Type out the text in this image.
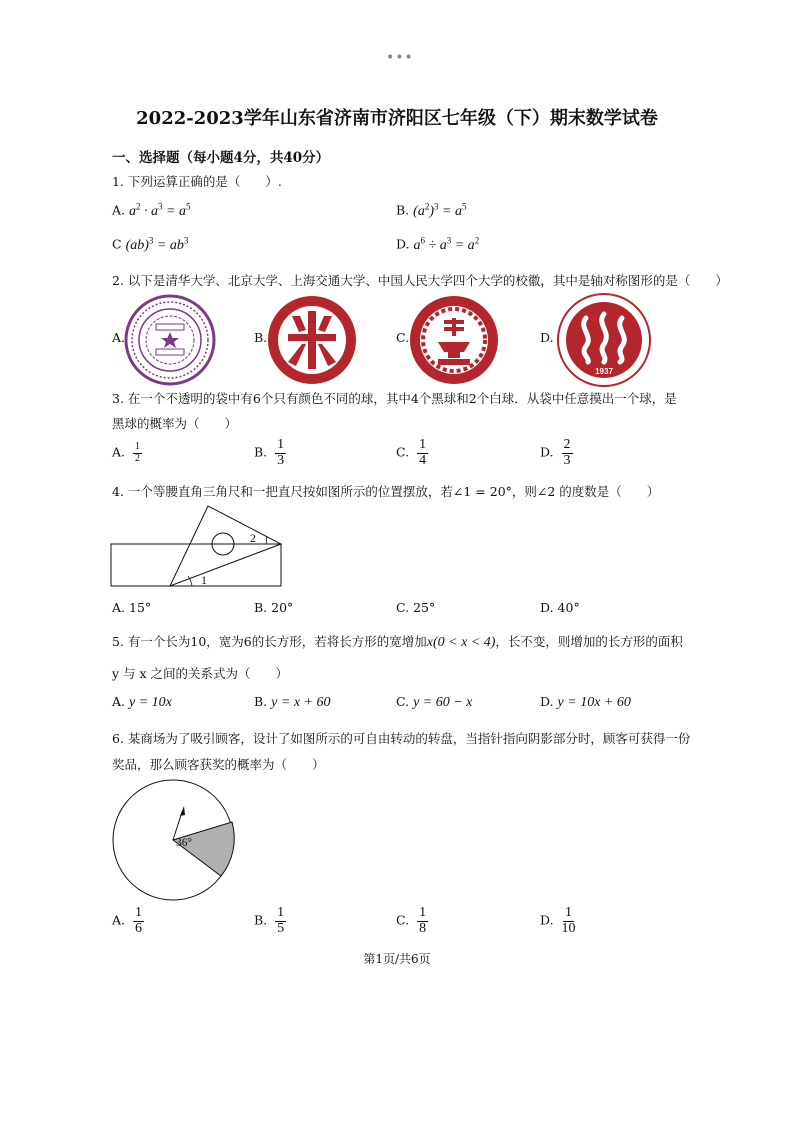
•••
2022-2023学年山东省济南市济阳区七年级（下）期末数学试卷
一、选择题（每小题4分，共40分）
1. 下列运算正确的是（　　）.
A. $a^2 \cdot a^3 = a^5$	B. $(a^2)^3 = a^5$
C $(ab)^3 = ab^3$	D. $a^6 \div a^3 = a^2$
2. 以下是清华大学、北京大学、上海交通大学、中国人民大学四个大学的校徽，其中是轴对称图形的是（　　）
A.	B.	C.	D.
1937
3. 在一个不透明的袋中有6个只有颜色不同的球，其中4个黑球和2个白球．从袋中任意摸出一个球，是
黑球的概率为（　　）
A. $\frac{1}{2}$	B. $\frac{1}{3}$	C. $\frac{1}{4}$	D. $\frac{2}{3}$
4. 一个等腰直角三角尺和一把直尺按如图所示的位置摆放，若∠1 = 20°，则∠2 的度数是（　　）
1
2
A. 15°	B. 20°	C. 25°	D. 40°
5. 有一个长为10，宽为6的长方形，若将长方形的宽增加x(0 < x < 4)，长不变，则增加的长方形的面积
y 与 x 之间的关系式为（　　）
A. y = 10x	B. y = x + 60	C. y = 60 − x	D. y = 10x + 60
6. 某商场为了吸引顾客，设计了如图所示的可自由转动的转盘，当指针指向阴影部分时，顾客可获得一份
奖品，那么顾客获奖的概率为（　　）
36°
A. $\frac{1}{6}$	B. $\frac{1}{5}$	C. $\frac{1}{8}$	D. $\frac{1}{10}$
第1页/共6页
